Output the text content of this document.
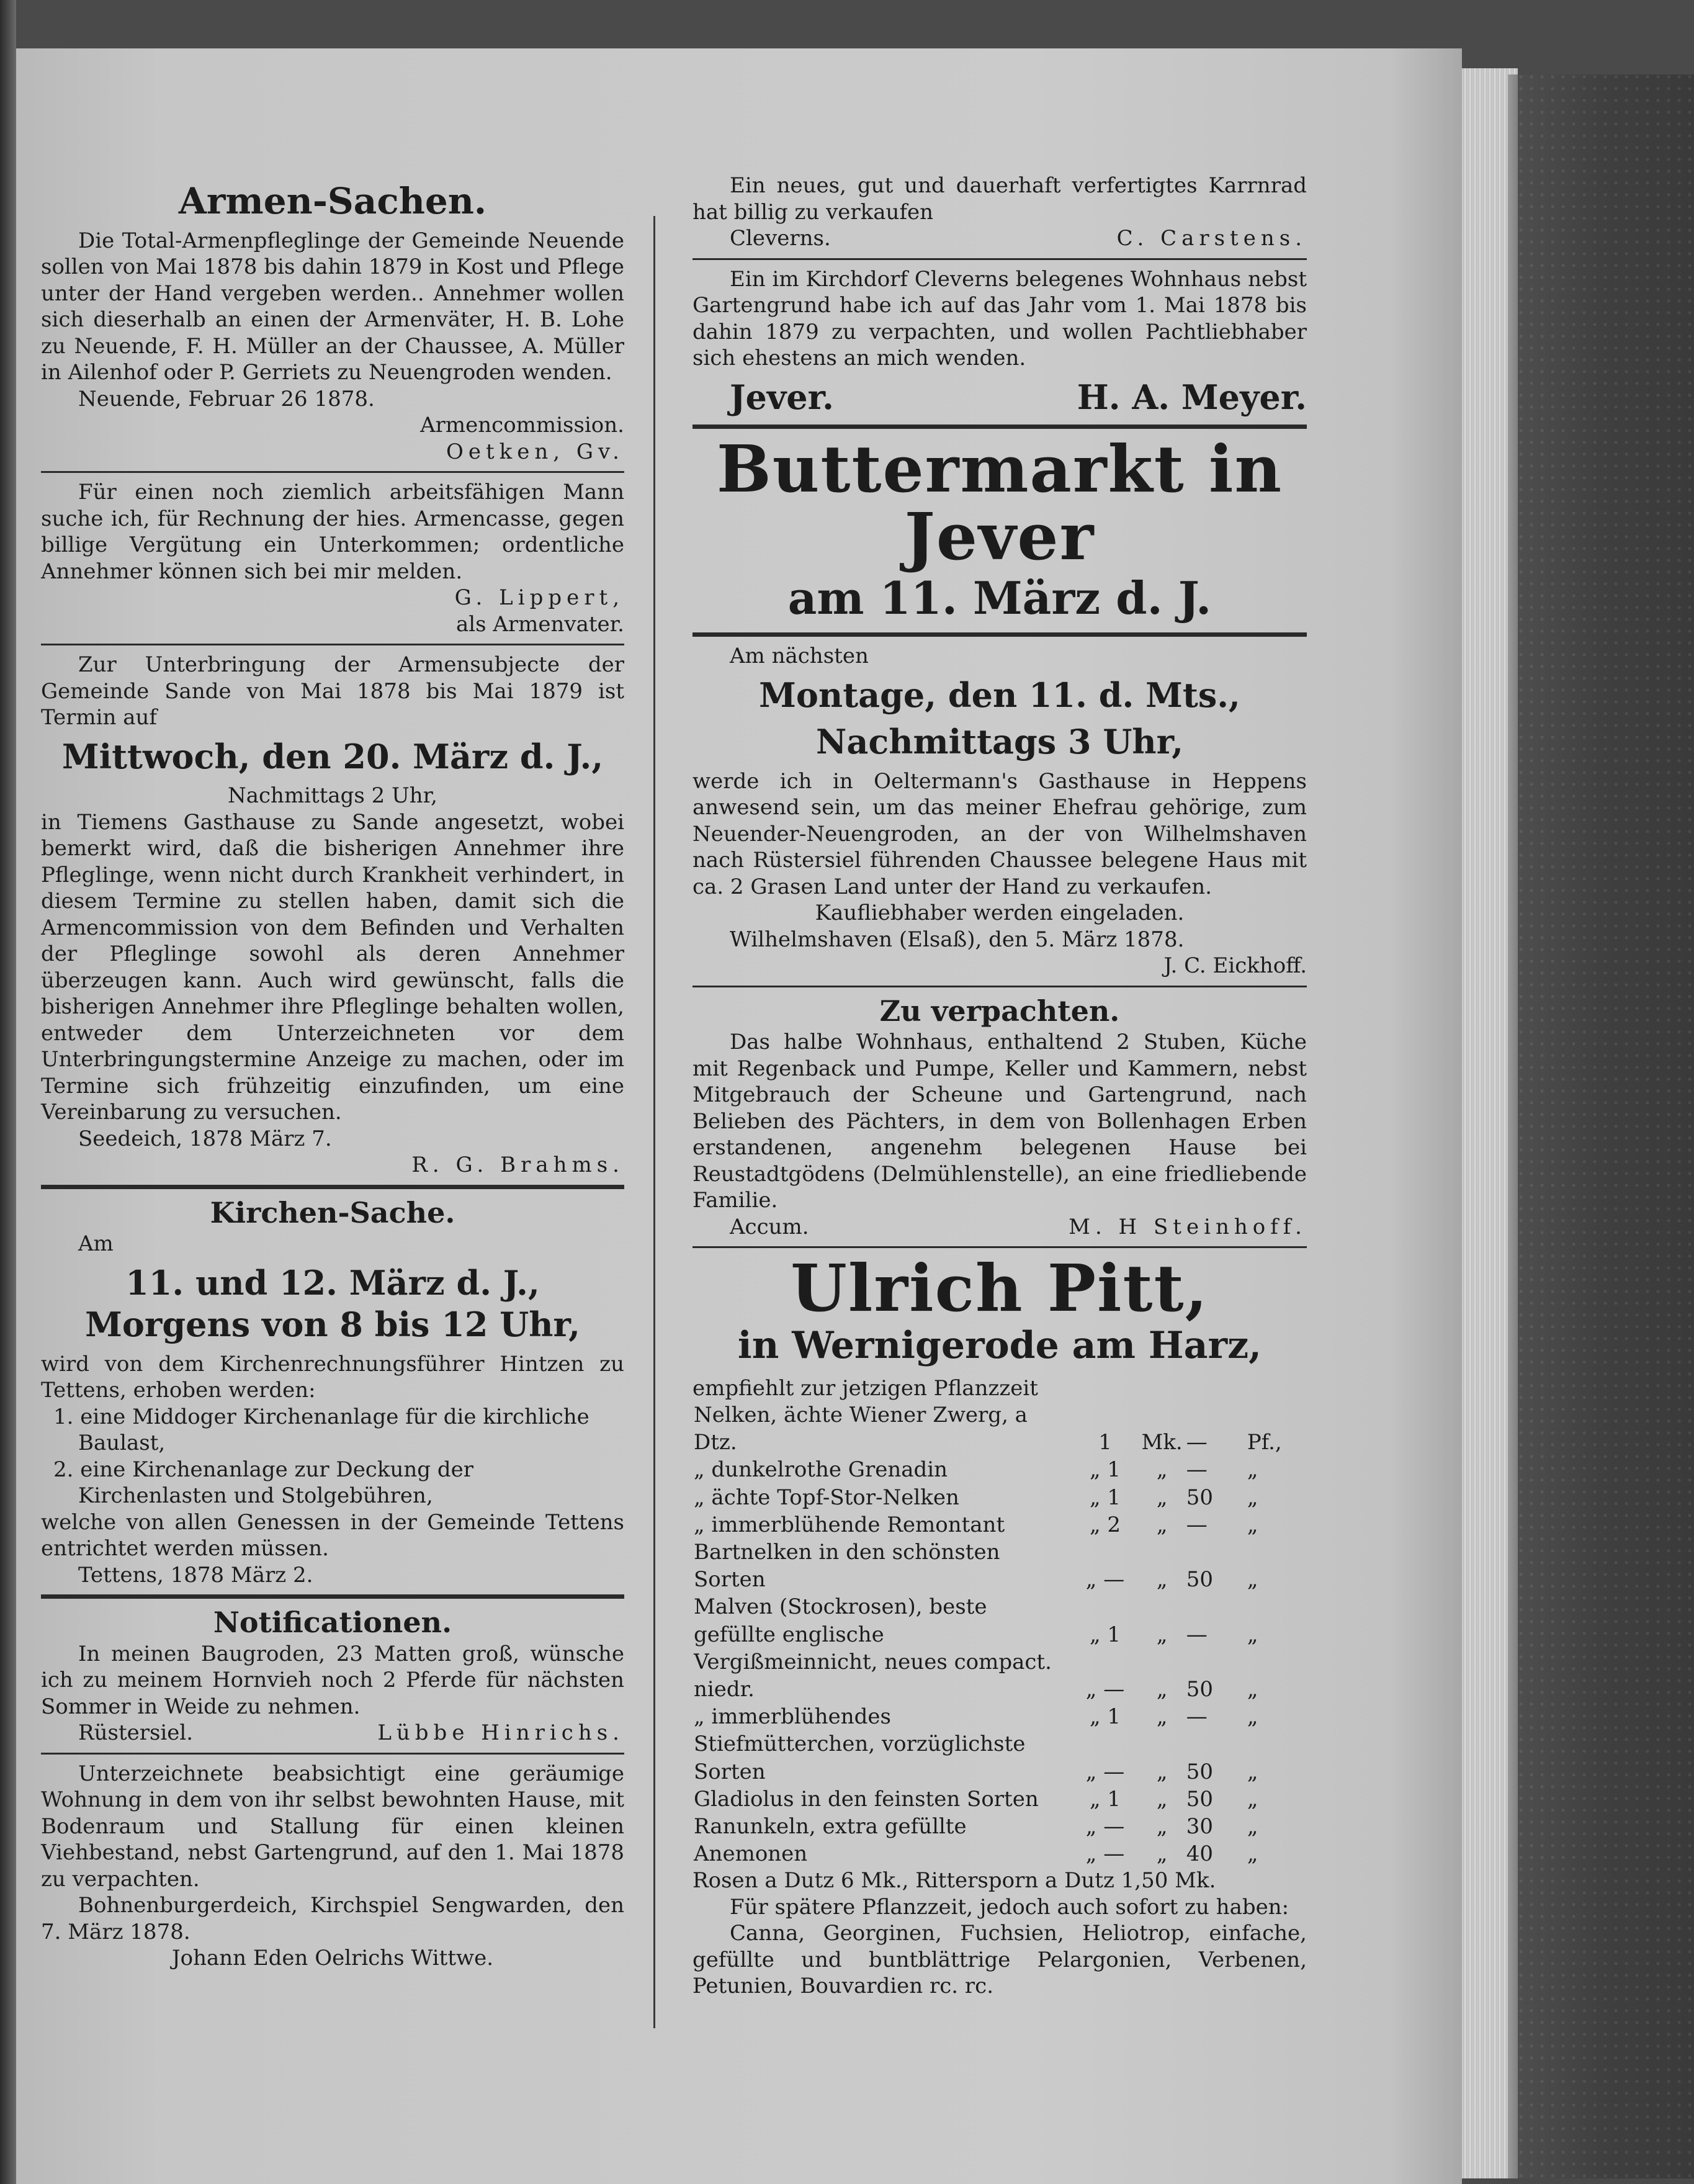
Armen-Sachen.

Die Total-Armenpfleglinge der Gemeinde Neuende sollen von Mai 1878 bis dahin 1879 in Kost und Pflege unter der Hand vergeben werden.. Annehmer wollen sich dieserhalb an einen der Armenväter, H. B. Lohe zu Neuende, F. H. Müller an der Chaussee, A. Müller in Ailenhof oder P. Gerriets zu Neuengroden wenden.

Neuende, Februar 26 1878.

Armencommission.

Oetken, Gv.

Für einen noch ziemlich arbeitsfähigen Mann suche ich, für Rechnung der hies. Armencasse, gegen billige Vergütung ein Unterkommen; ordentliche Annehmer können sich bei mir melden.

G. Lippert,

als Armenvater.

Zur Unterbringung der Armensubjecte der Gemeinde Sande von Mai 1878 bis Mai 1879 ist Termin auf

Mittwoch, den 20. März d. J.,

Nachmittags 2 Uhr,

in Tiemens Gasthause zu Sande angesetzt, wobei bemerkt wird, daß die bisherigen Annehmer ihre Pfleglinge, wenn nicht durch Krankheit verhindert, in diesem Termine zu stellen haben, damit sich die Armencommission von dem Befinden und Verhalten der Pfleglinge sowohl als deren Annehmer überzeugen kann. Auch wird gewünscht, falls die bisherigen Annehmer ihre Pfleglinge behalten wollen, entweder dem Unterzeichneten vor dem Unterbringungstermine Anzeige zu machen, oder im Termine sich frühzeitig einzufinden, um eine Vereinbarung zu versuchen.

Seedeich, 1878 März 7.

R. G. Brahms.

Kirchen-Sache.

Am

11. und 12. März d. J., Morgens von 8 bis 12 Uhr,

wird von dem Kirchenrechnungsführer Hintzen zu Tettens, erhoben werden:

1. eine Middoger Kirchenanlage für die kirchliche Baulast,

2. eine Kirchenanlage zur Deckung der Kirchenlasten und Stolgebühren,

welche von allen Genessen in der Gemeinde Tettens entrichtet werden müssen.

Tettens, 1878 März 2.

Notificationen.

In meinen Baugroden, 23 Matten groß, wünsche ich zu meinem Hornvieh noch 2 Pferde für nächsten Sommer in Weide zu nehmen.

Rüstersiel.	Lübbe Hinrichs.

Unterzeichnete beabsichtigt eine geräumige Wohnung in dem von ihr selbst bewohnten Hause, mit Bodenraum und Stallung für einen kleinen Viehbestand, nebst Gartengrund, auf den 1. Mai 1878 zu verpachten.

Bohnenburgerdeich, Kirchspiel Sengwarden, den 7. März 1878.

Johann Eden Oelrichs Wittwe.

Ein neues, gut und dauerhaft verfertigtes Karrnrad hat billig zu verkaufen

Cleverns.	C. Carstens.

Ein im Kirchdorf Cleverns belegenes Wohnhaus nebst Gartengrund habe ich auf das Jahr vom 1. Mai 1878 bis dahin 1879 zu verpachten, und wollen Pachtliebhaber sich ehestens an mich wenden.

Jever.	H. A. Meyer.
Buttermarkt in Jever
am 11. März d. J.

Am nächsten

Montage, den 11. d. Mts.,
Nachmittags 3 Uhr,

werde ich in Oeltermann's Gasthause in Heppens anwesend sein, um das meiner Ehefrau gehörige, zum Neuender-Neuengroden, an der von Wilhelmshaven nach Rüstersiel führenden Chaussee belegene Haus mit ca. 2 Grasen Land unter der Hand zu verkaufen.

Kaufliebhaber werden eingeladen.

Wilhelmshaven (Elsaß), den 5. März 1878.

J. C. Eickhoff.

Zu verpachten.

Das halbe Wohnhaus, enthaltend 2 Stuben, Küche mit Regenback und Pumpe, Keller und Kammern, nebst Mitgebrauch der Scheune und Gartengrund, nach Belieben des Pächters, in dem von Bollenhagen Erben erstandenen, angenehm belegenen Hause bei Reustadtgödens (Delmühlenstelle), an eine friedliebende Familie.

Accum.	M. H Steinhoff.
Ulrich Pitt,
in Wernigerode am Harz,

empfiehlt zur jetzigen Pflanzzeit

Nelken, ächte Wiener Zwerg, a Dtz.	1	Mk.	—	Pf.,
„ dunkelrothe Grenadin	„ 1	„	—	„
„ ächte Topf-Stor-Nelken	„ 1	„	50	„
„ immerblühende Remontant	„ 2	„	—	„
Bartnelken in den schönsten Sorten	„ —	„	50	„
Malven (Stockrosen), beste gefüllte englische	„ 1	„	—	„
Vergißmeinnicht, neues compact. niedr.	„ —	„	50	„
„ immerblühendes	„ 1	„	—	„
Stiefmütterchen, vorzüglichste Sorten	„ —	„	50	„
Gladiolus in den feinsten Sorten	„ 1	„	50	„
Ranunkeln, extra gefüllte	„ —	„	30	„
Anemonen	„ —	„	40	„

Rosen a Dutz 6 Mk., Rittersporn a Dutz 1,50 Mk.

Für spätere Pflanzzeit, jedoch auch sofort zu haben:

Canna, Georginen, Fuchsien, Heliotrop, einfache, gefüllte und buntblättrige Pelargonien, Verbenen, Petunien, Bouvardien rc. rc.
